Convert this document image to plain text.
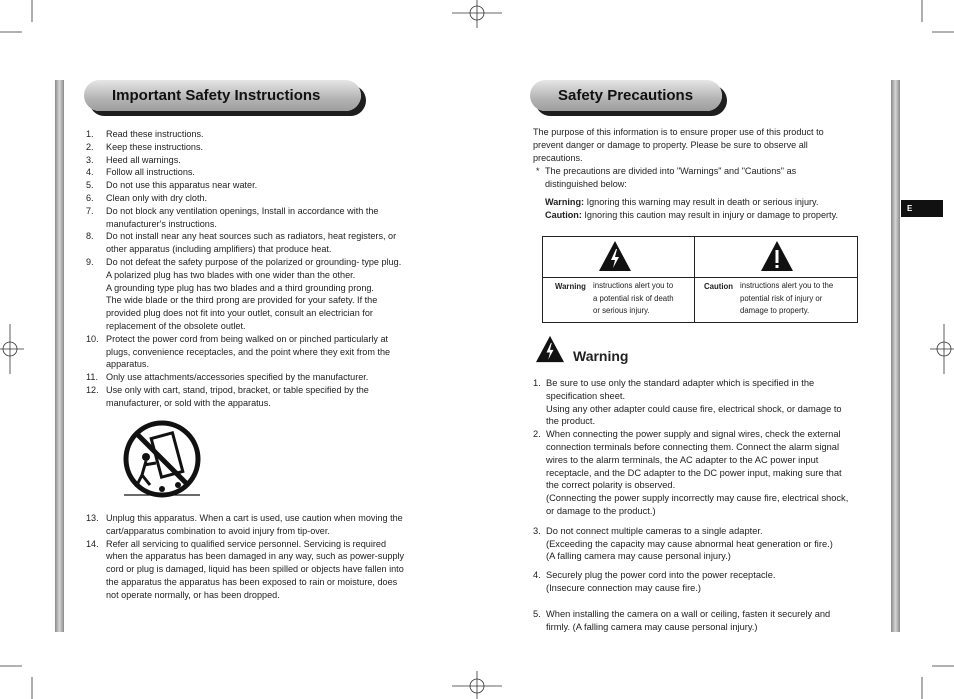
Important Safety Instructions
1. Read these instructions.
2. Keep these instructions.
3. Heed all warnings.
4. Follow all instructions.
5. Do not use this apparatus near water.
6. Clean only with dry cloth.
7. Do not block any ventilation openings, Install in accordance with the
manufacturer's instructions.
8. Do not install near any heat sources such as radiators, heat registers, or
other apparatus (including amplifiers) that produce heat.
9. Do not defeat the safety purpose of the polarized or grounding- type plug.
A polarized plug has two blades with one wider than the other.
A grounding type plug has two blades and a third grounding prong.
The wide blade or the third prong are provided for your safety. If the
provided plug does not fit into your outlet, consult an electrician for
replacement of the obsolete outlet.
10. Protect the power cord from being walked on or pinched particularly at
plugs, convenience receptacles, and the point where they exit from the
apparatus.
11. Only use attachments/accessories specified by the manufacturer.
12. Use only with cart, stand, tripod, bracket, or table specified by the
manufacturer, or sold with the apparatus.
13. Unplug this apparatus. When a cart is used, use caution when moving the
cart/apparatus combination to avoid injury from tip-over.
14. Refer all servicing to qualified service personnel. Servicing is required
when the apparatus has been damaged in any way, such as power-supply
cord or plug is damaged, liquid has been spilled or objects have fallen into
the apparatus the apparatus has been exposed to rain or moisture, does
not operate normally, or has been dropped.
Safety Precautions
The purpose of this information is to ensure proper use of this product to
prevent danger or damage to property. Please be sure to observe all
precautions.
* The precautions are divided into "Warnings" and "Cautions" as
distinguished below:
Warning: Ignoring this warning may result in death or serious injury.
Caution: Ignoring this caution may result in injury or damage to property.
Warning instructions alert you to
a potential risk of death
or serious injury.
Caution instructions alert you to the
potential risk of injury or
damage to property.
Warning
1. Be sure to use only the standard adapter which is specified in the
specification sheet.
Using any other adapter could cause fire, electrical shock, or damage to
the product.
2. When connecting the power supply and signal wires, check the external
connection terminals before connecting them. Connect the alarm signal
wires to the alarm terminals, the AC adapter to the AC power input
receptacle, and the DC adapter to the DC power input, making sure that
the correct polarity is observed.
(Connecting the power supply incorrectly may cause fire, electrical shock,
or damage to the product.)
3. Do not connect multiple cameras to a single adapter.
(Exceeding the capacity may cause abnormal heat generation or fire.)
(A falling camera may cause personal injury.)
4. Securely plug the power cord into the power receptacle.
(Insecure connection may cause fire.)
5. When installing the camera on a wall or ceiling, fasten it securely and
firmly. (A falling camera may cause personal injury.)
E
